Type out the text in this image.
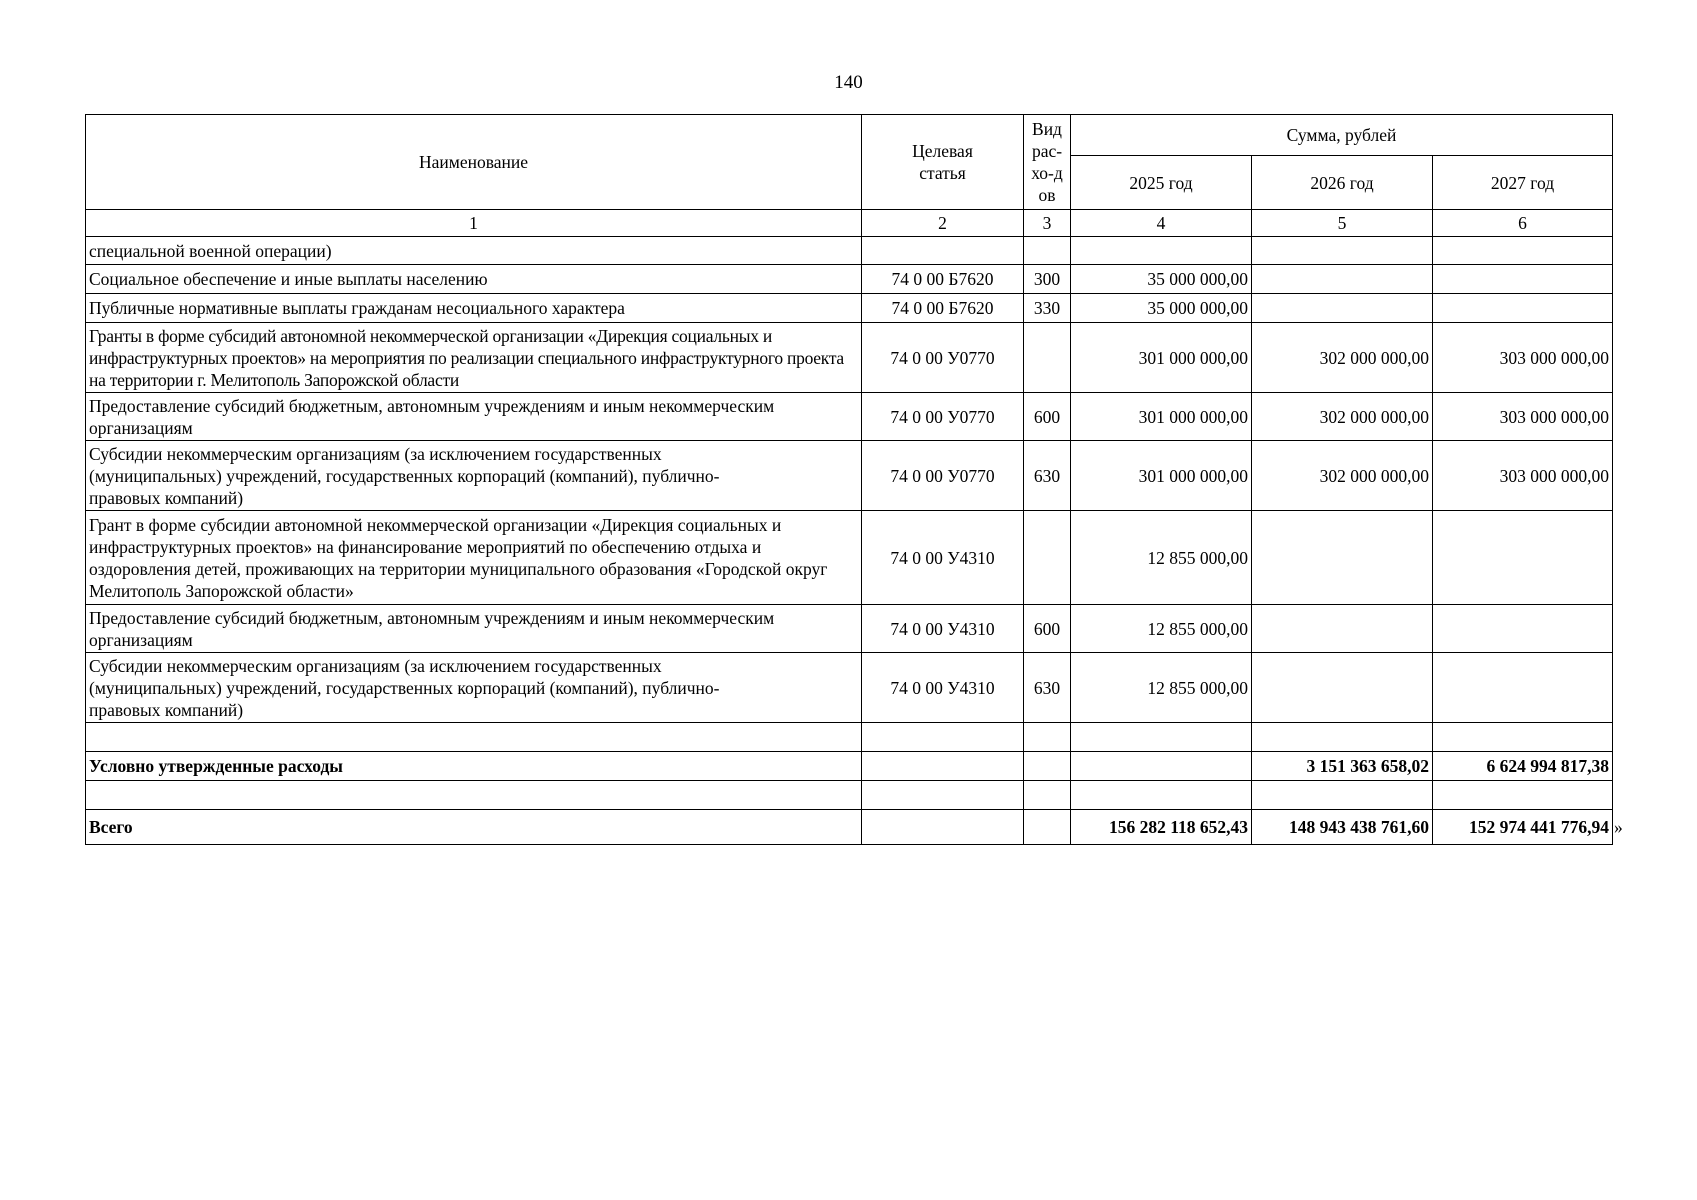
140
Наименование	Целевая статья	Вид рас-хо-дов	Сумма, рублей		
			2025 год	2026 год	2027 год
1	2	3	4	5	6
специальной военной операции)					
Социальное обеспечение и иные выплаты населению	74 0 00 Б7620	300	35 000 000,00		
Публичные нормативные выплаты гражданам несоциального характера	74 0 00 Б7620	330	35 000 000,00		
Гранты в форме субсидий автономной некоммерческой организации «Дирекция социальных и инфраструктурных проектов» на мероприятия по реализации специального инфраструктурного проекта на территории г. Мелитополь Запорожской области	74 0 00 У0770		301 000 000,00	302 000 000,00	303 000 000,00
Предоставление субсидий бюджетным, автономным учреждениям и иным некоммерческим организациям	74 0 00 У0770	600	301 000 000,00	302 000 000,00	303 000 000,00
Субсидии некоммерческим организациям (за исключением государственных (муниципальных) учреждений, государственных корпораций (компаний), публично-правовых компаний)	74 0 00 У0770	630	301 000 000,00	302 000 000,00	303 000 000,00
Грант в форме субсидии автономной некоммерческой организации «Дирекция социальных и инфраструктурных проектов» на финансирование мероприятий по обеспечению отдыха и оздоровления детей, проживающих на территории муниципального образования «Городской округ Мелитополь Запорожской области»	74 0 00 У4310		12 855 000,00		
Предоставление субсидий бюджетным, автономным учреждениям и иным некоммерческим организациям	74 0 00 У4310	600	12 855 000,00		
Субсидии некоммерческим организациям (за исключением государственных (муниципальных) учреждений, государственных корпораций (компаний), публично-правовых компаний)	74 0 00 У4310	630	12 855 000,00		

Условно утвержденные расходы				3 151 363 658,02	6 624 994 817,38

Всего			156 282 118 652,43	148 943 438 761,60	152 974 441 776,94 »
